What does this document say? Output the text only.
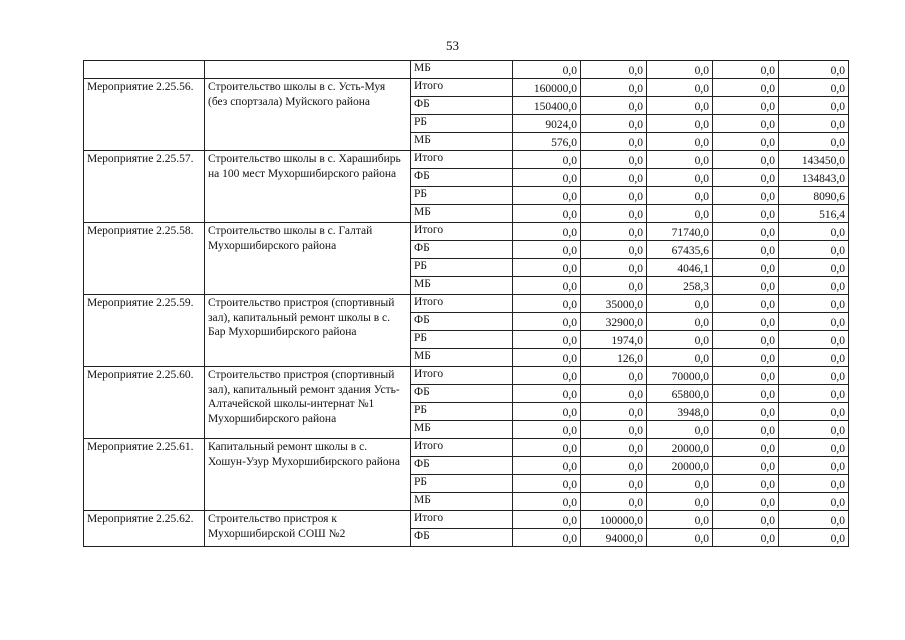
53
		МБ	0,0	0,0	0,0	0,0	0,0
Мероприятие 2.25.56.	Строительство школы в с. Усть-Муя (без спортзала) Муйского района	Итого	160000,0	0,0	0,0	0,0	0,0
		ФБ	150400,0	0,0	0,0	0,0	0,0
		РБ	9024,0	0,0	0,0	0,0	0,0
		МБ	576,0	0,0	0,0	0,0	0,0
Мероприятие 2.25.57.	Строительство школы в с. Харашибирь на 100 мест Мухоршибирского района	Итого	0,0	0,0	0,0	0,0	143450,0
		ФБ	0,0	0,0	0,0	0,0	134843,0
		РБ	0,0	0,0	0,0	0,0	8090,6
		МБ	0,0	0,0	0,0	0,0	516,4
Мероприятие 2.25.58.	Строительство школы в с. Галтай Мухоршибирского района	Итого	0,0	0,0	71740,0	0,0	0,0
		ФБ	0,0	0,0	67435,6	0,0	0,0
		РБ	0,0	0,0	4046,1	0,0	0,0
		МБ	0,0	0,0	258,3	0,0	0,0
Мероприятие 2.25.59.	Строительство пристроя (спортивный зал), капитальный ремонт школы в с. Бар Мухоршибирского района	Итого	0,0	35000,0	0,0	0,0	0,0
		ФБ	0,0	32900,0	0,0	0,0	0,0
		РБ	0,0	1974,0	0,0	0,0	0,0
		МБ	0,0	126,0	0,0	0,0	0,0
Мероприятие 2.25.60.	Строительство пристроя (спортивный зал), капитальный ремонт здания Усть-Алтачейской школы-интернат №1 Мухоршибирского района	Итого	0,0	0,0	70000,0	0,0	0,0
		ФБ	0,0	0,0	65800,0	0,0	0,0
		РБ	0,0	0,0	3948,0	0,0	0,0
		МБ	0,0	0,0	0,0	0,0	0,0
Мероприятие 2.25.61.	Капитальный ремонт школы в с. Хошун-Узур Мухоршибирского района	Итого	0,0	0,0	20000,0	0,0	0,0
		ФБ	0,0	0,0	20000,0	0,0	0,0
		РБ	0,0	0,0	0,0	0,0	0,0
		МБ	0,0	0,0	0,0	0,0	0,0
Мероприятие 2.25.62.	Строительство пристроя к Мухоршибирской СОШ №2	Итого	0,0	100000,0	0,0	0,0	0,0
		ФБ	0,0	94000,0	0,0	0,0	0,0
